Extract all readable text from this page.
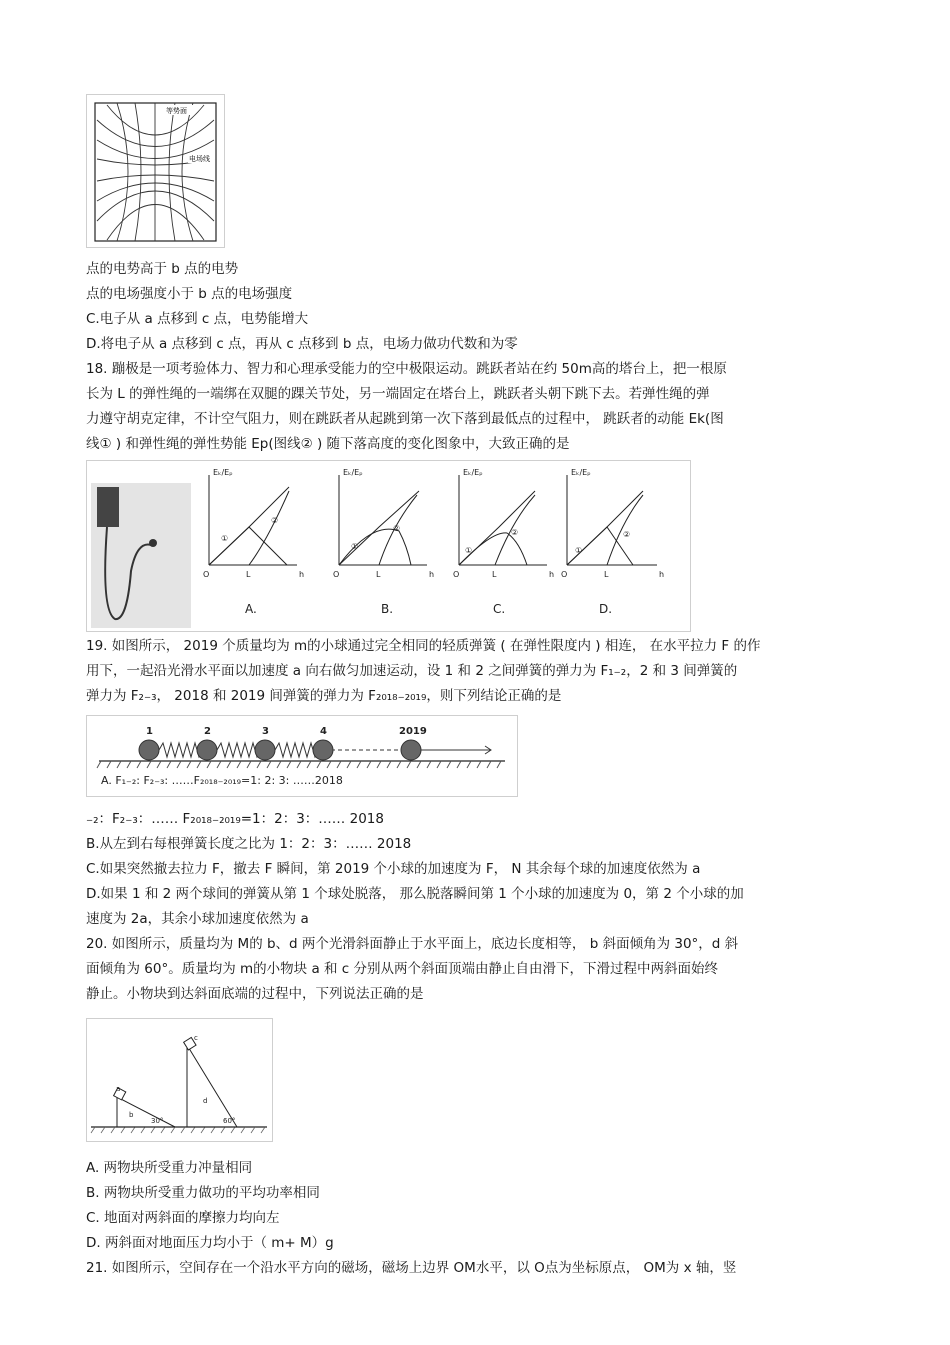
等势面
电场线
点的电势高于 b 点的电势
点的电场强度小于 b 点的电场强度
C.电子从 a 点移到 c 点，电势能增大
D.将电子从 a 点移到 c 点，再从 c 点移到 b 点，电场力做功代数和为零
18. 蹦极是一项考验体力、智力和心理承受能力的空中极限运动。跳跃者站在约 50m高的塔台上，把一根原
长为 L 的弹性绳的一端绑在双腿的踝关节处，另一端固定在塔台上，跳跃者头朝下跳下去。若弹性绳的弹
力遵守胡克定律，不计空气阻力，则在跳跃者从起跳到第一次下落到最低点的过程中， 跳跃者的动能 Ek(图
线① ) 和弹性绳的弹性势能 Ep(图线② ) 随下落高度的变化图象中，大致正确的是
Eₖ/Eₚ	Eₖ/Eₚ	Eₖ/Eₚ	Eₖ/Eₚ
O	L	h	O	L	h O	L	h O	L	h
①
②
①
②
①
②
①
②
A.	B.	C.	D.
19. 如图所示， 2019 个质量均为 m的小球通过完全相同的轻质弹簧 ( 在弹性限度内 ) 相连， 在水平拉力 F 的作
用下，一起沿光滑水平面以加速度 a 向右做匀加速运动，设 1 和 2 之间弹簧的弹力为 F₁₋₂，2 和 3 间弹簧的
弹力为 F₂₋₃， 2018 和 2019 间弹簧的弹力为 F₂₀₁₈₋₂₀₁₉，则下列结论正确的是
1	2	3	4	2019
A. F₁₋₂: F₂₋₃: ……F₂₀₁₈₋₂₀₁₉=1: 2: 3: ……2018
₋₂：F₂₋₃：…… F₂₀₁₈₋₂₀₁₉=1：2：3：…… 2018
B.从左到右每根弹簧长度之比为 1：2：3：…… 2018
C.如果突然撤去拉力 F，撤去 F 瞬间，第 2019 个小球的加速度为 F， N 其余每个球的加速度依然为 a
D.如果 1 和 2 两个球间的弹簧从第 1 个球处脱落， 那么脱落瞬间第 1 个小球的加速度为 0，第 2 个小球的加
速度为 2a，其余小球加速度依然为 a
20. 如图所示，质量均为 M的 b、d 两个光滑斜面静止于水平面上，底边长度相等， b 斜面倾角为 30°，d 斜
面倾角为 60°。质量均为 m的小物块 a 和 c 分别从两个斜面顶端由静止自由滑下，下滑过程中两斜面始终
静止。小物块到达斜面底端的过程中，下列说法正确的是
b
a
30°
d
c
60°
A. 两物块所受重力冲量相同
B. 两物块所受重力做功的平均功率相同
C. 地面对两斜面的摩擦力均向左
D. 两斜面对地面压力均小于（ m+ M）g
21. 如图所示，空间存在一个沿水平方向的磁场，磁场上边界 OM水平，以 O点为坐标原点， OM为 x 轴，竖
